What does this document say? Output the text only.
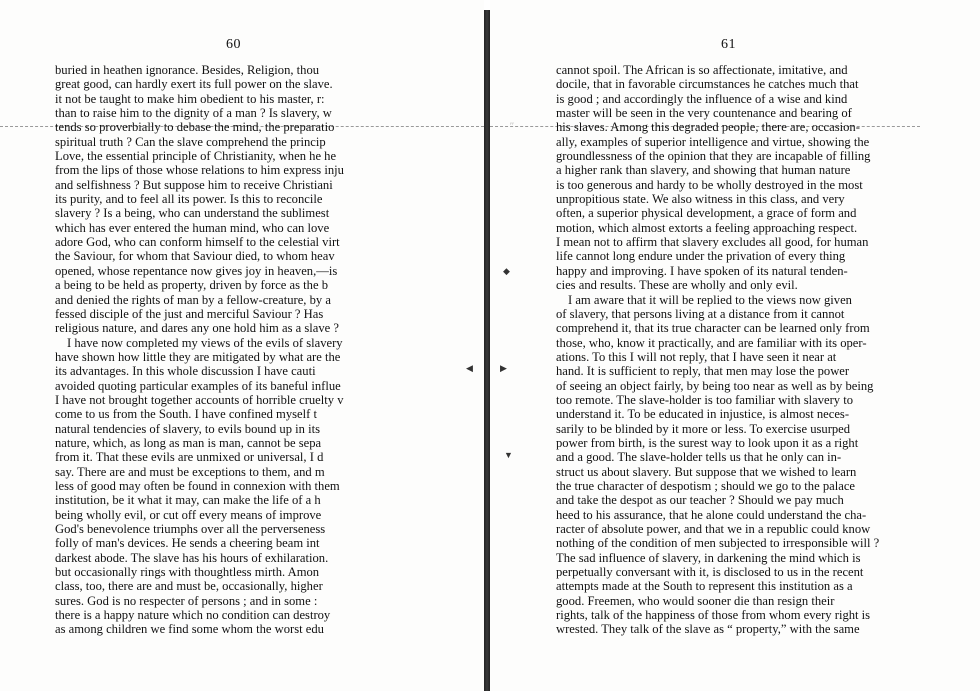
60
buried in heathen ignorance. Besides, Religion, thou
great good, can hardly exert its full power on the slave.
it not be taught to make him obedient to his master, r:
than to raise him to the dignity of a man ? Is slavery, w
tends so proverbially to debase the mind, the preparatio
spiritual truth ? Can the slave comprehend the princip
Love, the essential principle of Christianity, when he he
from the lips of those whose relations to him express inju
and selfishness ? But suppose him to receive Christiani
its purity, and to feel all its power. Is this to reconcile
slavery ? Is a being, who can understand the sublimest
which has ever entered the human mind, who can love
adore God, who can conform himself to the celestial virt
the Saviour, for whom that Saviour died, to whom heav
opened, whose repentance now gives joy in heaven,—is
a being to be held as property, driven by force as the b
and denied the rights of man by a fellow-creature, by a
fessed disciple of the just and merciful Saviour ? Has
religious nature, and dares any one hold him as a slave ?
I have now completed my views of the evils of slavery
have shown how little they are mitigated by what are the
its advantages. In this whole discussion I have cauti
avoided quoting particular examples of its baneful influe
I have not brought together accounts of horrible cruelty v
come to us from the South. I have confined myself t
natural tendencies of slavery, to evils bound up in its
nature, which, as long as man is man, cannot be sepa
from it. That these evils are unmixed or universal, I d
say. There are and must be exceptions to them, and m
less of good may often be found in connexion with them
institution, be it what it may, can make the life of a h
being wholly evil, or cut off every means of improve
God's benevolence triumphs over all the perverseness
folly of man's devices. He sends a cheering beam int
darkest abode. The slave has his hours of exhilaration.
but occasionally rings with thoughtless mirth. Amon
class, too, there are and must be, occasionally, higher
sures. God is no respecter of persons ; and in some :
there is a happy nature which no condition can destroy
as among children we find some whom the worst edu
61
′′
◆
◀	▶
▼
cannot spoil. The African is so affectionate, imitative, and
docile, that in favorable circumstances he catches much that
is good ; and accordingly the influence of a wise and kind
master will be seen in the very countenance and bearing of
his slaves. Among this degraded people, there are, occasion-
ally, examples of superior intelligence and virtue, showing the
groundlessness of the opinion that they are incapable of filling
a higher rank than slavery, and showing that human nature
is too generous and hardy to be wholly destroyed in the most
unpropitious state. We also witness in this class, and very
often, a superior physical development, a grace of form and
motion, which almost extorts a feeling approaching respect.
I mean not to affirm that slavery excludes all good, for human
life cannot long endure under the privation of every thing
happy and improving. I have spoken of its natural tenden-
cies and results. These are wholly and only evil.
I am aware that it will be replied to the views now given
of slavery, that persons living at a distance from it cannot
comprehend it, that its true character can be learned only from
those, who, know it practically, and are familiar with its oper-
ations. To this I will not reply, that I have seen it near at
hand. It is sufficient to reply, that men may lose the power
of seeing an object fairly, by being too near as well as by being
too remote. The slave-holder is too familiar with slavery to
understand it. To be educated in injustice, is almost neces-
sarily to be blinded by it more or less. To exercise usurped
power from birth, is the surest way to look upon it as a right
and a good. The slave-holder tells us that he only can in-
struct us about slavery. But suppose that we wished to learn
the true character of despotism ; should we go to the palace
and take the despot as our teacher ? Should we pay much
heed to his assurance, that he alone could understand the cha-
racter of absolute power, and that we in a republic could know
nothing of the condition of men subjected to irresponsible will ?
The sad influence of slavery, in darkening the mind which is
perpetually conversant with it, is disclosed to us in the recent
attempts made at the South to represent this institution as a
good. Freemen, who would sooner die than resign their
rights, talk of the happiness of those from whom every right is
wrested. They talk of the slave as “ property,” with the same
